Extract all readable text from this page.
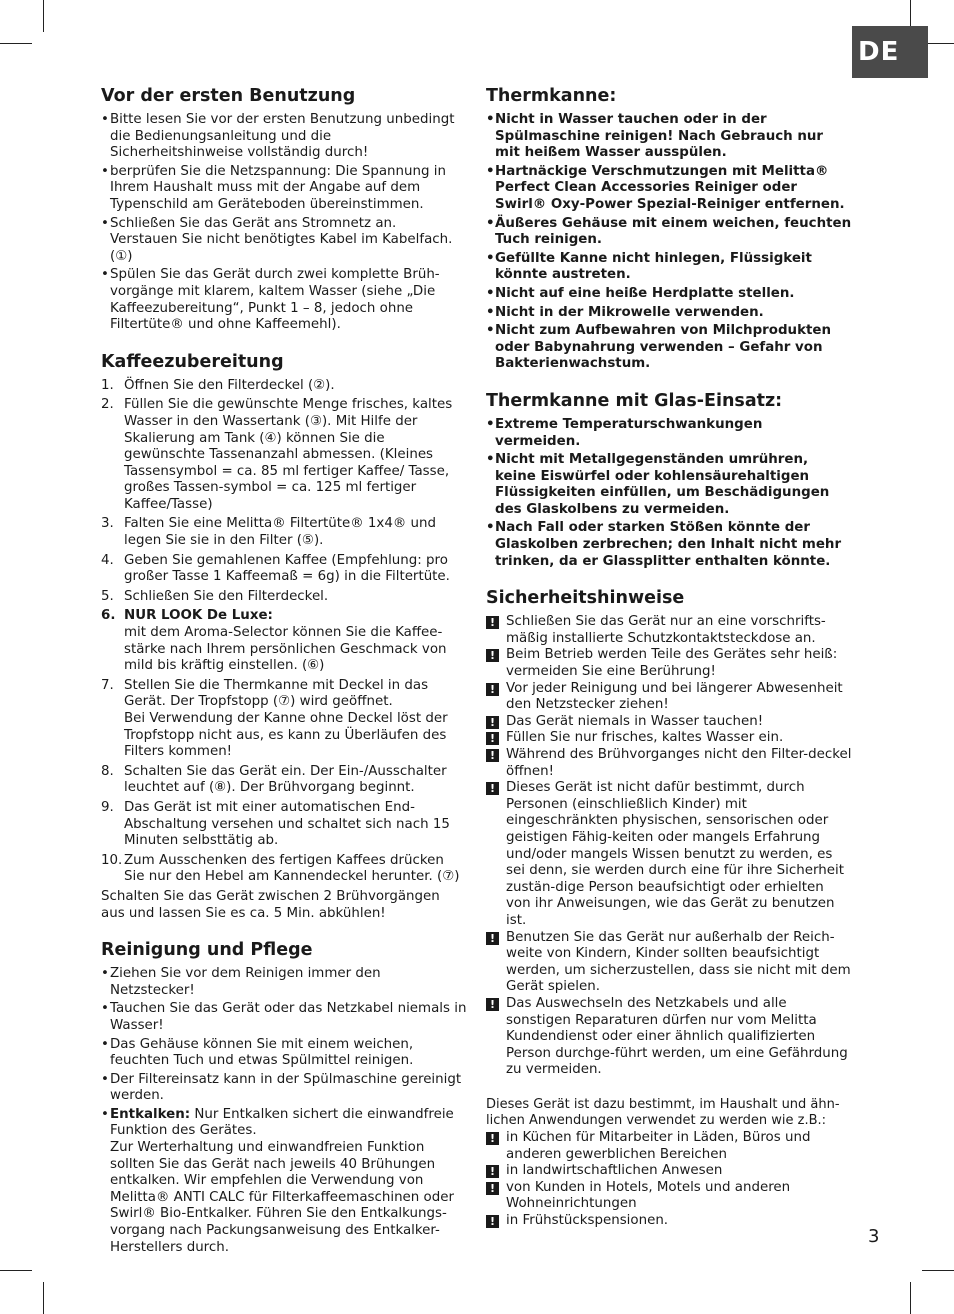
DE
3
Vor der ersten Benutzung
• Bitte lesen Sie vor der ersten Benutzung unbedingt die Bedienungsanleitung und die Sicherheitshinweise vollständig durch!
• berprüfen Sie die Netzspannung: Die Spannung in Ihrem Haushalt muss mit der Angabe auf dem Typenschild am Geräteboden übereinstimmen.
• Schließen Sie das Gerät ans Stromnetz an. Verstauen Sie nicht benötigtes Kabel im Kabelfach. (①)
• Spülen Sie das Gerät durch zwei komplette Brüh-vorgänge mit klarem, kaltem Wasser (siehe „Die Kaffeezubereitung“, Punkt 1 – 8, jedoch ohne Filtertüte® und ohne Kaffeemehl).
Kaffeezubereitung
1. Öffnen Sie den Filterdeckel (②).
2. Füllen Sie die gewünschte Menge frisches, kaltes Wasser in den Wassertank (③). Mit Hilfe der Skalierung am Tank (④) können Sie die gewünschte Tassenanzahl abmessen. (Kleines Tassensymbol = ca. 85 ml fertiger Kaffee/ Tasse, großes Tassen-symbol = ca. 125 ml fertiger Kaffee/Tasse)
3. Falten Sie eine Melitta® Filtertüte® 1x4® und legen Sie sie in den Filter (⑤).
4. Geben Sie gemahlenen Kaffee (Empfehlung: pro großer Tasse 1 Kaffeemaß = 6g) in die Filtertüte.
5. Schließen Sie den Filterdeckel.
6. NUR LOOK De Luxe:
mit dem Aroma-Selector können Sie die Kaffee-stärke nach Ihrem persönlichen Geschmack von mild bis kräftig einstellen. (⑥)
7. Stellen Sie die Thermkanne mit Deckel in das Gerät. Der Tropfstopp (⑦) wird geöffnet.
Bei Verwendung der Kanne ohne Deckel löst der Tropfstopp nicht aus, es kann zu Überläufen des Filters kommen!
8. Schalten Sie das Gerät ein. Der Ein-/Ausschalter leuchtet auf (⑧). Der Brühvorgang beginnt.
9. Das Gerät ist mit einer automatischen End-Abschaltung versehen und schaltet sich nach 15 Minuten selbsttätig ab.
10. Zum Ausschenken des fertigen Kaffees drücken Sie nur den Hebel am Kannendeckel herunter. (⑦)

Schalten Sie das Gerät zwischen 2 Brühvorgängen aus und lassen Sie es ca. 5 Min. abkühlen!

Reinigung und Pflege
• Ziehen Sie vor dem Reinigen immer den Netzstecker!
• Tauchen Sie das Gerät oder das Netzkabel niemals in Wasser!
• Das Gehäuse können Sie mit einem weichen, feuchten Tuch und etwas Spülmittel reinigen.
• Der Filtereinsatz kann in der Spülmaschine gereinigt werden.
• Entkalken: Nur Entkalken sichert die einwandfreie Funktion des Gerätes.
Zur Werterhaltung und einwandfreien Funktion sollten Sie das Gerät nach jeweils 40 Brühungen entkalken. Wir empfehlen die Verwendung von Melitta® ANTI CALC für Filterkaffeemaschinen oder Swirl® Bio-Entkalker. Führen Sie den Entkalkungs-vorgang nach Packungsanweisung des Entkalker-Herstellers durch.
Thermkanne:
• Nicht in Wasser tauchen oder in der Spülmaschine reinigen! Nach Gebrauch nur mit heißem Wasser ausspülen.
• Hartnäckige Verschmutzungen mit Melitta® Perfect Clean Accessories Reiniger oder Swirl® Oxy-Power Spezial-Reiniger entfernen.
• Äußeres Gehäuse mit einem weichen, feuchten Tuch reinigen.
• Gefüllte Kanne nicht hinlegen, Flüssigkeit könnte austreten.
• Nicht auf eine heiße Herdplatte stellen.
• Nicht in der Mikrowelle verwenden.
• Nicht zum Aufbewahren von Milchprodukten oder Babynahrung verwenden – Gefahr von Bakterienwachstum.
Thermkanne mit Glas-Einsatz:
• Extreme Temperaturschwankungen vermeiden.
• Nicht mit Metallgegenständen umrühren, keine Eiswürfel oder kohlensäurehaltigen Flüssigkeiten einfüllen, um Beschädigungen des Glaskolbens zu vermeiden.
• Nach Fall oder starken Stößen könnte der Glaskolben zerbrechen; den Inhalt nicht mehr trinken, da er Glassplitter enthalten könnte.
Sicherheitshinweise
! Schließen Sie das Gerät nur an eine vorschrifts-mäßig installierte Schutzkontaktsteckdose an.
! Beim Betrieb werden Teile des Gerätes sehr heiß: vermeiden Sie eine Berührung!
! Vor jeder Reinigung und bei längerer Abwesenheit den Netzstecker ziehen!
! Das Gerät niemals in Wasser tauchen!
! Füllen Sie nur frisches, kaltes Wasser ein.
! Während des Brühvorganges nicht den Filter-deckel öffnen!
! Dieses Gerät ist nicht dafür bestimmt, durch Personen (einschließlich Kinder) mit eingeschränkten physischen, sensorischen oder geistigen Fähig-keiten oder mangels Erfahrung und/oder mangels Wissen benutzt zu werden, es sei denn, sie werden durch eine für ihre Sicherheit zustän-dige Person beaufsichtigt oder erhielten von ihr Anweisungen, wie das Gerät zu benutzen ist.
! Benutzen Sie das Gerät nur außerhalb der Reich-weite von Kindern, Kinder sollten beaufsichtigt werden, um sicherzustellen, dass sie nicht mit dem Gerät spielen.
! Das Auswechseln des Netzkabels und alle sonstigen Reparaturen dürfen nur vom Melitta Kundendienst oder einer ähnlich qualifizierten Person durchge-führt werden, um eine Gefährdung zu vermeiden.

Dieses Gerät ist dazu bestimmt, im Haushalt und ähn-lichen Anwendungen verwendet zu werden wie z.B.:

! in Küchen für Mitarbeiter in Läden, Büros und anderen gewerblichen Bereichen
! in landwirtschaftlichen Anwesen
! von Kunden in Hotels, Motels und anderen Wohneinrichtungen
! in Frühstückspensionen.
